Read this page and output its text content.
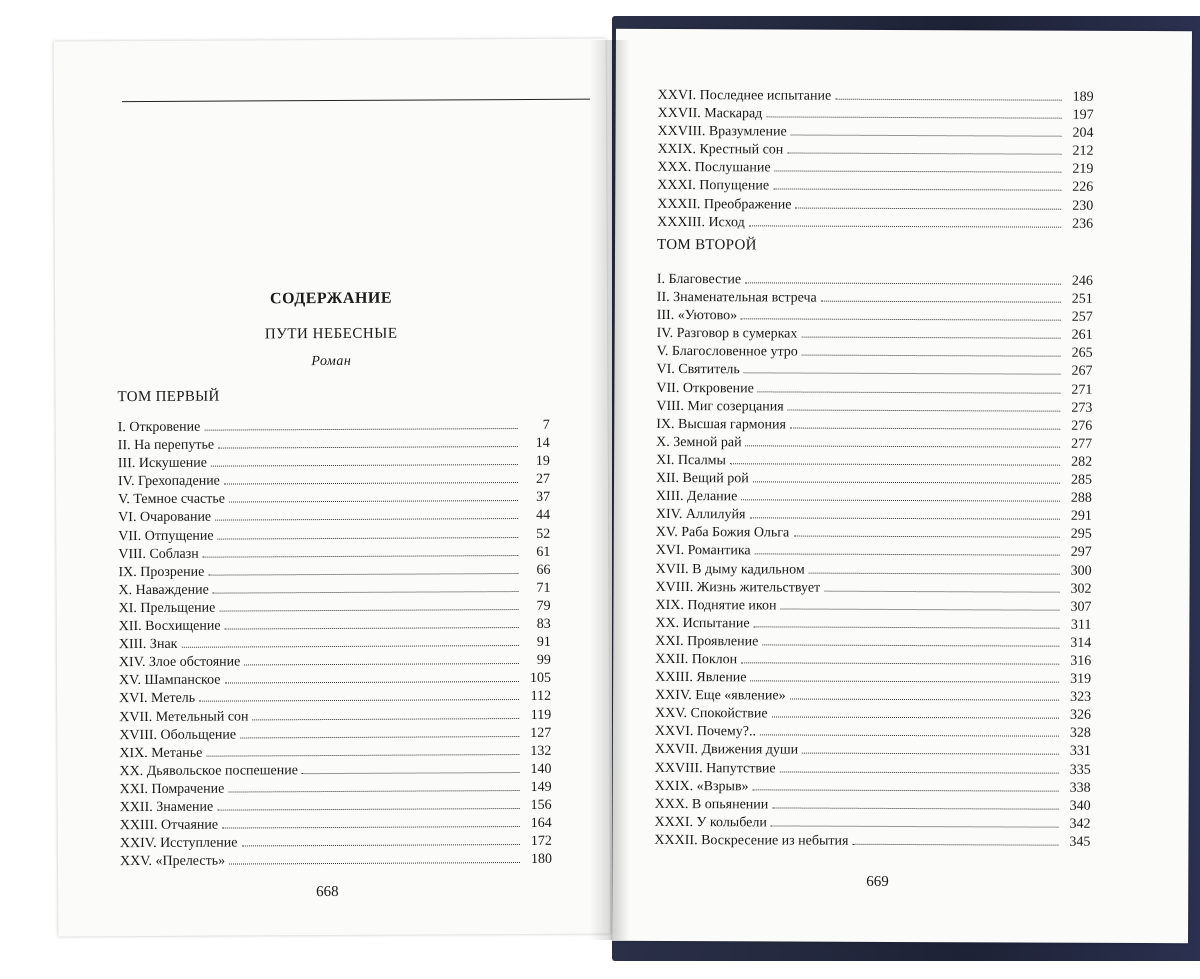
СОДЕРЖАНИЕ
ПУТИ НЕБЕСНЫЕ
Роман
ТОМ ПЕРВЫЙ
I. Откровение	7
II. На перепутье	14
III. Искушение	19
IV. Грехопадение	27
V. Темное счастье	37
VI. Очарование	44
VII. Отпущение	52
VIII. Соблазн	61
IX. Прозрение	66
X. Наваждение	71
XI. Прельщение	79
XII. Восхищение	83
XIII. Знак	91
XIV. Злое обстояние	99
XV. Шампанское	105
XVI. Метель	112
XVII. Метельный сон	119
XVIII. Обольщение	127
XIX. Метанье	132
XX. Дьявольское поспешение	140
XXI. Помрачение	149
XXII. Знамение	156
XXIII. Отчаяние	164
XXIV. Исступление	172
XXV. «Прелесть»	180
668
XXVI. Последнее испытание	189
XXVII. Маскарад	197
XXVIII. Вразумление	204
XXIX. Крестный сон	212
XXX. Послушание	219
XXXI. Попущение	226
XXXII. Преображение	230
XXXIII. Исход	236
ТОМ ВТОРОЙ
I. Благовестие	246
II. Знаменательная встреча	251
III. «Уютово»	257
IV. Разговор в сумерках	261
V. Благословенное утро	265
VI. Святитель	267
VII. Откровение	271
VIII. Миг созерцания	273
IX. Высшая гармония	276
X. Земной рай	277
XI. Псалмы	282
XII. Вещий рой	285
XIII. Делание	288
XIV. Аллилуйя	291
XV. Раба Божия Ольга	295
XVI. Романтика	297
XVII. В дыму кадильном	300
XVIII. Жизнь жительствует	302
XIX. Поднятие икон	307
XX. Испытание	311
XXI. Проявление	314
XXII. Поклон	316
XXIII. Явление	319
XXIV. Еще «явление»	323
XXV. Спокойствие	326
XXVI. Почему?..	328
XXVII. Движения души	331
XXVIII. Напутствие	335
XXIX. «Взрыв»	338
XXX. В опьянении	340
XXXI. У колыбели	342
XXXII. Воскресение из небытия	345
669
